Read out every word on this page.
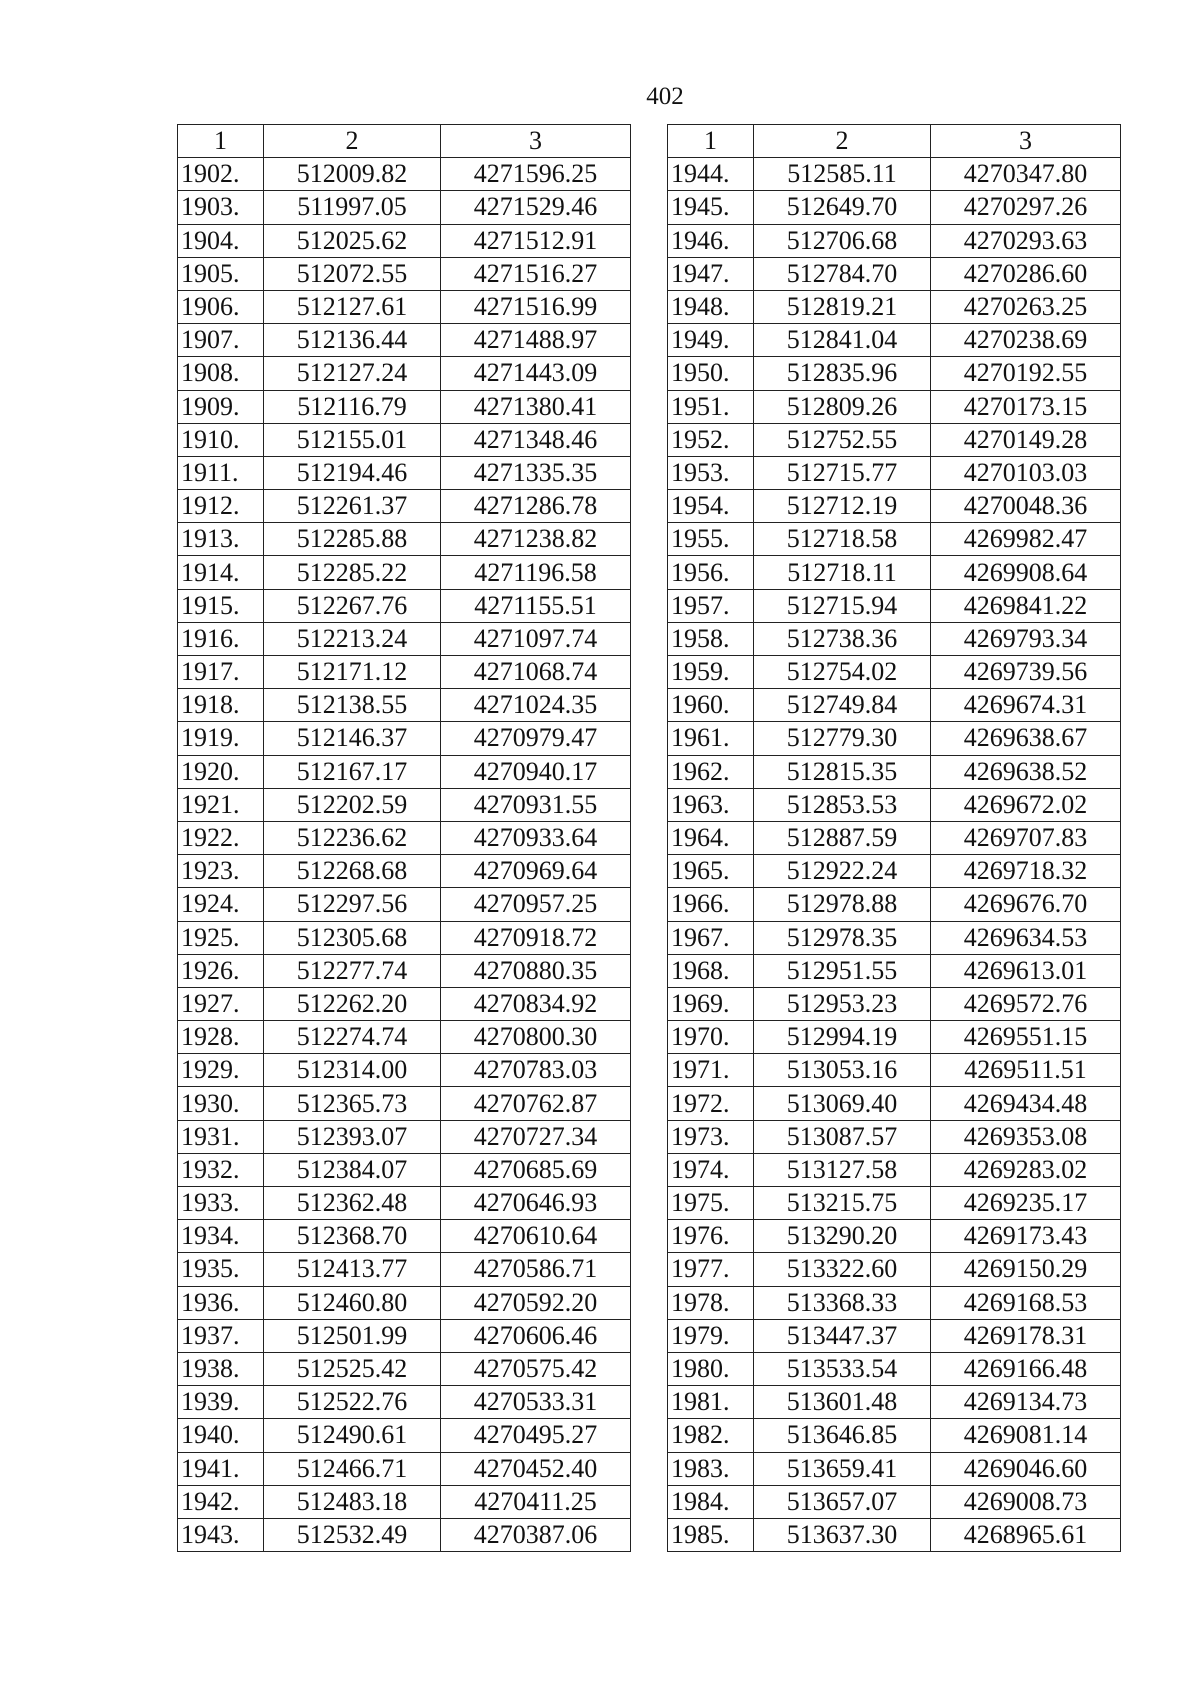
402
1	2	3
1902.	512009.82	4271596.25
1903.	511997.05	4271529.46
1904.	512025.62	4271512.91
1905.	512072.55	4271516.27
1906.	512127.61	4271516.99
1907.	512136.44	4271488.97
1908.	512127.24	4271443.09
1909.	512116.79	4271380.41
1910.	512155.01	4271348.46
1911.	512194.46	4271335.35
1912.	512261.37	4271286.78
1913.	512285.88	4271238.82
1914.	512285.22	4271196.58
1915.	512267.76	4271155.51
1916.	512213.24	4271097.74
1917.	512171.12	4271068.74
1918.	512138.55	4271024.35
1919.	512146.37	4270979.47
1920.	512167.17	4270940.17
1921.	512202.59	4270931.55
1922.	512236.62	4270933.64
1923.	512268.68	4270969.64
1924.	512297.56	4270957.25
1925.	512305.68	4270918.72
1926.	512277.74	4270880.35
1927.	512262.20	4270834.92
1928.	512274.74	4270800.30
1929.	512314.00	4270783.03
1930.	512365.73	4270762.87
1931.	512393.07	4270727.34
1932.	512384.07	4270685.69
1933.	512362.48	4270646.93
1934.	512368.70	4270610.64
1935.	512413.77	4270586.71
1936.	512460.80	4270592.20
1937.	512501.99	4270606.46
1938.	512525.42	4270575.42
1939.	512522.76	4270533.31
1940.	512490.61	4270495.27
1941.	512466.71	4270452.40
1942.	512483.18	4270411.25
1943.	512532.49	4270387.06
1	2	3
1944.	512585.11	4270347.80
1945.	512649.70	4270297.26
1946.	512706.68	4270293.63
1947.	512784.70	4270286.60
1948.	512819.21	4270263.25
1949.	512841.04	4270238.69
1950.	512835.96	4270192.55
1951.	512809.26	4270173.15
1952.	512752.55	4270149.28
1953.	512715.77	4270103.03
1954.	512712.19	4270048.36
1955.	512718.58	4269982.47
1956.	512718.11	4269908.64
1957.	512715.94	4269841.22
1958.	512738.36	4269793.34
1959.	512754.02	4269739.56
1960.	512749.84	4269674.31
1961.	512779.30	4269638.67
1962.	512815.35	4269638.52
1963.	512853.53	4269672.02
1964.	512887.59	4269707.83
1965.	512922.24	4269718.32
1966.	512978.88	4269676.70
1967.	512978.35	4269634.53
1968.	512951.55	4269613.01
1969.	512953.23	4269572.76
1970.	512994.19	4269551.15
1971.	513053.16	4269511.51
1972.	513069.40	4269434.48
1973.	513087.57	4269353.08
1974.	513127.58	4269283.02
1975.	513215.75	4269235.17
1976.	513290.20	4269173.43
1977.	513322.60	4269150.29
1978.	513368.33	4269168.53
1979.	513447.37	4269178.31
1980.	513533.54	4269166.48
1981.	513601.48	4269134.73
1982.	513646.85	4269081.14
1983.	513659.41	4269046.60
1984.	513657.07	4269008.73
1985.	513637.30	4268965.61
